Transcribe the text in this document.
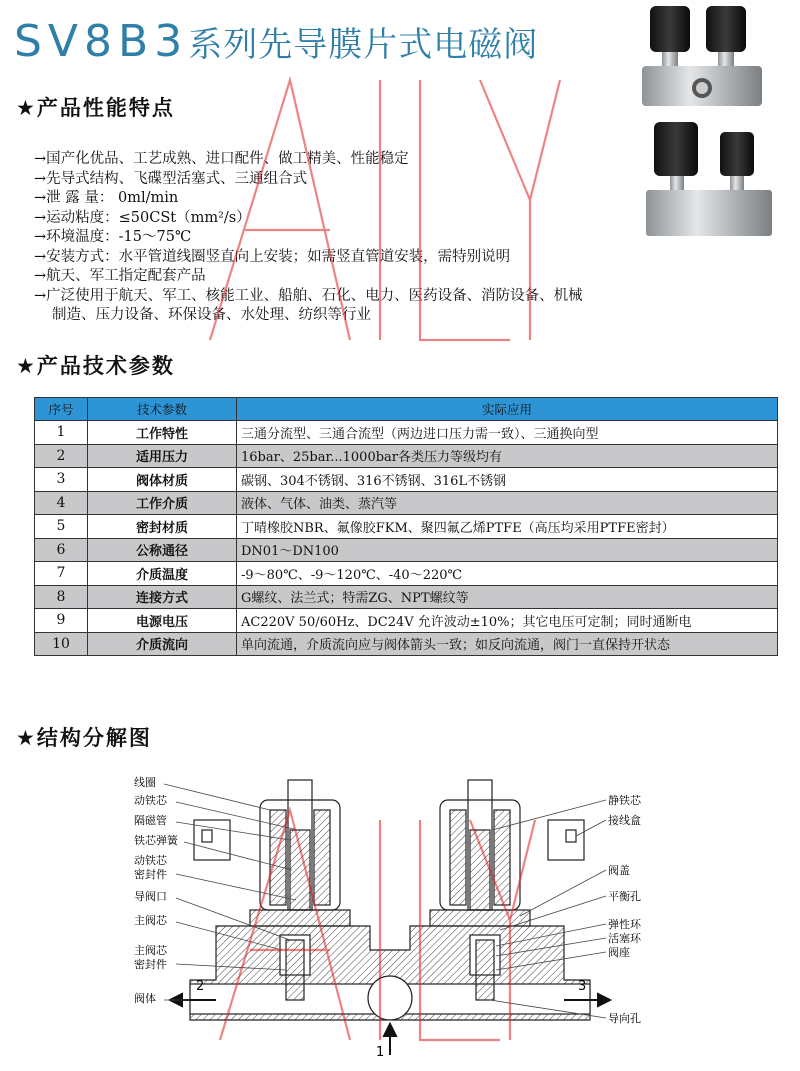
SV8B3系列先导膜片式电磁阀
★产品性能特点
→国产化优品、工艺成熟、进口配件、做工精美、性能稳定
→先导式结构、飞碟型活塞式、三通组合式
→泄 露 量： 0ml/min
→运动粘度：≤50CSt（mm²/s）
→环境温度：-15～75℃
→安装方式：水平管道线圈竖直向上安装；如需竖直管道安装，需特别说明
→航天、军工指定配套产品
→广泛使用于航天、军工、核能工业、船舶、石化、电力、医药设备、消防设备、机械
制造、压力设备、环保设备、水处理、纺织等行业
★产品技术参数
序号	技术参数	实际应用
1	工作特性	三通分流型、三通合流型（两边进口压力需一致）、三通换向型
2	适用压力	16bar、25bar...1000bar各类压力等级均有
3	阀体材质	碳钢、304不锈钢、316不锈钢、316L不锈钢
4	工作介质	液体、气体、油类、蒸汽等
5	密封材质	丁晴橡胶NBR、氟像胶FKM、聚四氟乙烯PTFE（高压均采用PTFE密封）
6	公称通径	DN01～DN100
7	介质温度	-9～80℃、-9～120℃、-40～220℃
8	连接方式	G螺纹、法兰式；特需ZG、NPT螺纹等
9	电源电压	AC220V 50/60Hz、DC24V 允许波动±10%；其它电压可定制；同时通断电
10	介质流向	单向流通，介质流向应与阀体箭头一致；如反向流通，阀门一直保持开状态
★结构分解图
2	3
1
线圈
动铁芯
隔磁管
铁芯弹簧
动铁芯
密封件
导阀口
主阀芯
主阀芯
密封件
阀体
静铁芯
接线盒
阀盖
平衡孔
弹性环
活塞环
阀座
导向孔
